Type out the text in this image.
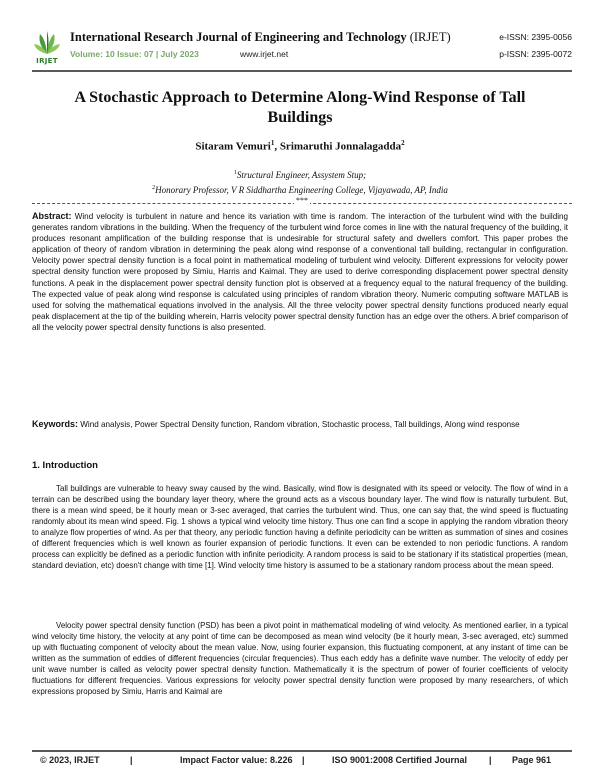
IRJET
International Research Journal of Engineering and Technology (IRJET)	e-ISSN: 2395-0056
Volume: 10 Issue: 07 | July 2023	www.irjet.net	p-ISSN: 2395-0072
A Stochastic Approach to Determine Along-Wind Response of Tall
Buildings
Sitaram Vemuri$^1$, Srimaruthi Jonnalagadda$^2$
$^1$Structural Engineer, Assystem Stup;
$^2$Honorary Professor, V R Siddhartha Engineering College, Vijayawada, AP, India
***
Abstract: Wind velocity is turbulent in nature and hence its variation with time is random. The interaction of the turbulent wind with the building generates random vibrations in the building. When the frequency of the turbulent wind force comes in line with the natural frequency of the building, it produces resonant amplification of the building response that is undesirable for structural safety and dwellers comfort. This paper probes the application of theory of random vibration in determining the peak along wind response of a conventional tall building, rectangular in configuration. Velocity power spectral density function is a focal point in mathematical modeling of turbulent wind velocity. Different expressions for velocity power spectral density function were proposed by Simiu, Harris and Kaimal. They are used to derive corresponding displacement power spectral density functions. A peak in the displacement power spectral density function plot is observed at a frequency equal to the natural frequency of the building. The expected value of peak along wind response is calculated using principles of random vibration theory. Numeric computing software MATLAB is used for solving the mathematical equations involved in the analysis. All the three velocity power spectral density functions produced nearly equal peak displacement at the tip of the building wherein, Harris velocity power spectral density function has an edge over the others. A brief comparison of all the velocity power spectral density functions is also presented.
Keywords: Wind analysis, Power Spectral Density function, Random vibration, Stochastic process, Tall buildings, Along wind response
1. Introduction
Tall buildings are vulnerable to heavy sway caused by the wind. Basically, wind flow is designated with its speed or velocity. The flow of wind in a terrain can be described using the boundary layer theory, where the ground acts as a viscous boundary layer. The wind flow is naturally turbulent. But, there is a mean wind speed, be it hourly mean or 3-sec averaged, that carries the turbulent wind. Thus, one can say that, the wind speed is fluctuating randomly about its mean wind speed. Fig. 1 shows a typical wind velocity time history. Thus one can find a scope in applying the random vibration theory to analyze flow properties of wind. As per that theory, any periodic function having a definite periodicity can be written as summation of sines and cosines of different frequencies which is well known as fourier expansion of periodic functions. It even can be extended to non periodic functions. A random process can explicitly be defined as a periodic function with infinite periodicity. A random process is said to be stationary if its statistical properties (mean, standard deviation, etc) doesn't change with time [1]. Wind velocity time history is assumed to be a stationary random process about the mean speed.
Velocity power spectral density function (PSD) has been a pivot point in mathematical modeling of wind velocity. As mentioned earlier, in a typical wind velocity time history, the velocity at any point of time can be decomposed as mean wind velocity (be it hourly mean, 3-sec averaged, etc) summed up with fluctuating component of velocity about the mean value. Now, using fourier expansion, this fluctuating component, at any instant of time can be written as the summation of eddies of different frequencies (circular frequencies). Thus each eddy has a definite wave number. The velocity of eddy per unit wave number is called as velocity power spectral density function. Mathematically it is the spectrum of power of fourier coefficients of velocity fluctuations for different frequencies. Various expressions for velocity power spectral density function were proposed by many researchers, of which expressions proposed by Simiu, Harris and Kaimal are
© 2023, IRJET	|	Impact Factor value: 8.226 |	ISO 9001:2008 Certified Journal | Page 961
